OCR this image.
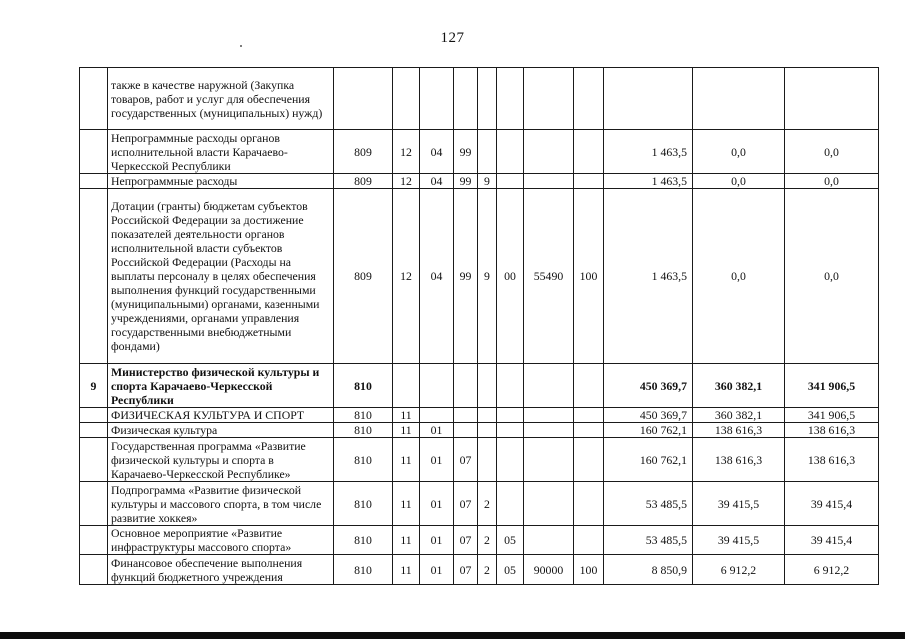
127
	также в качестве наружной (Закупка товаров, работ и услуг для обеспечения государственных (муниципальных) нужд)											
	Непрограммные расходы органов исполнительной власти Карачаево-Черкесской Республики	809	12	04	99					1 463,5	0,0	0,0
	Непрограммные расходы	809	12	04	99	9				1 463,5	0,0	0,0
	Дотации (гранты) бюджетам субъектов Российской Федерации за достижение показателей деятельности органов исполнительной власти субъектов Российской Федерации (Расходы на выплаты персоналу в целях обеспечения выполнения функций государственными (муниципальными) органами, казенными учреждениями, органами управления государственными внебюджетными фондами)	809	12	04	99	9	00	55490	100	1 463,5	0,0	0,0
9	Министерство физической культуры и спорта Карачаево-Черкесской Республики	810								450 369,7	360 382,1	341 906,5
	ФИЗИЧЕСКАЯ КУЛЬТУРА И СПОРТ	810	11							450 369,7	360 382,1	341 906,5
	Физическая культура	810	11	01						160 762,1	138 616,3	138 616,3
	Государственная программа «Развитие физической культуры и спорта в Карачаево-Черкесской Республике»	810	11	01	07					160 762,1	138 616,3	138 616,3
	Подпрограмма «Развитие физической культуры и массового спорта, в том числе развитие хоккея»	810	11	01	07	2				53 485,5	39 415,5	39 415,4
	Основное мероприятие «Развитие инфраструктуры массового спорта»	810	11	01	07	2	05			53 485,5	39 415,5	39 415,4
	Финансовое обеспечение выполнения функций бюджетного учреждения	810	11	01	07	2	05	90000	100	8 850,9	6 912,2	6 912,2
